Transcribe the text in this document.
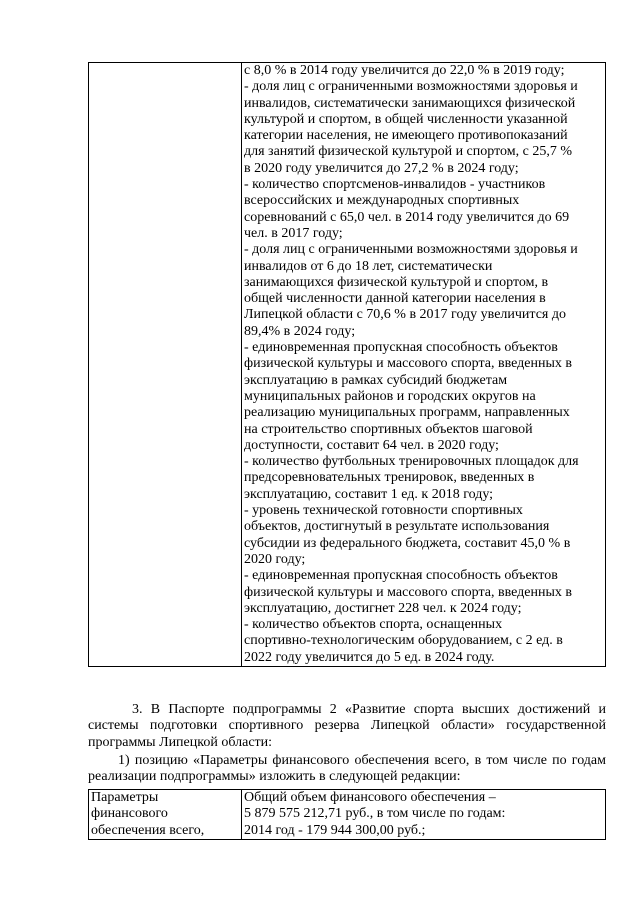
с 8,0 % в 2014 году увеличится до 22,0 % в 2019 году;
- доля лиц с ограниченными возможностями здоровья и
инвалидов, систематически занимающихся физической
культурой и спортом, в общей численности указанной
категории населения, не имеющего противопоказаний
для занятий физической культурой и спортом, с 25,7 %
в 2020 году увеличится до 27,2 % в 2024 году;
- количество спортсменов-инвалидов - участников
всероссийских и международных спортивных
соревнований с 65,0 чел. в 2014 году увеличится до 69
чел. в 2017 году;
- доля лиц с ограниченными возможностями здоровья и
инвалидов от 6 до 18 лет, систематически
занимающихся физической культурой и спортом, в
общей численности данной категории населения в
Липецкой области с 70,6 % в 2017 году увеличится до
89,4% в 2024 году;
- единовременная пропускная способность объектов
физической культуры и массового спорта, введенных в
эксплуатацию в рамках субсидий бюджетам
муниципальных районов и городских округов на
реализацию муниципальных программ, направленных
на строительство спортивных объектов шаговой
доступности, составит 64 чел. в 2020 году;
- количество футбольных тренировочных площадок для
предсоревновательных тренировок, введенных в
эксплуатацию, составит 1 ед. к 2018 году;
- уровень технической готовности спортивных
объектов, достигнутый в результате использования
субсидии из федерального бюджета, составит 45,0 % в
2020 году;
- единовременная пропускная способность объектов
физической культуры и массового спорта, введенных в
эксплуатацию, достигнет 228 чел. к 2024 году;
- количество объектов спорта, оснащенных
спортивно-технологическим оборудованием, с 2 ед. в
2022 году увеличится до 5 ед. в 2024 году.
3. В Паспорте подпрограммы 2 «Развитие спорта высших достижений и системы подготовки спортивного резерва Липецкой области» государственной программы Липецкой области:
1) позицию «Параметры финансового обеспечения всего, в том числе по годам реализации подпрограммы» изложить в следующей редакции:
Параметры
финансового
обеспечения всего,

Общий объем финансового обеспечения –
5 879 575 212,71 руб., в том числе по годам:
2014 год - 179 944 300,00 руб.;
